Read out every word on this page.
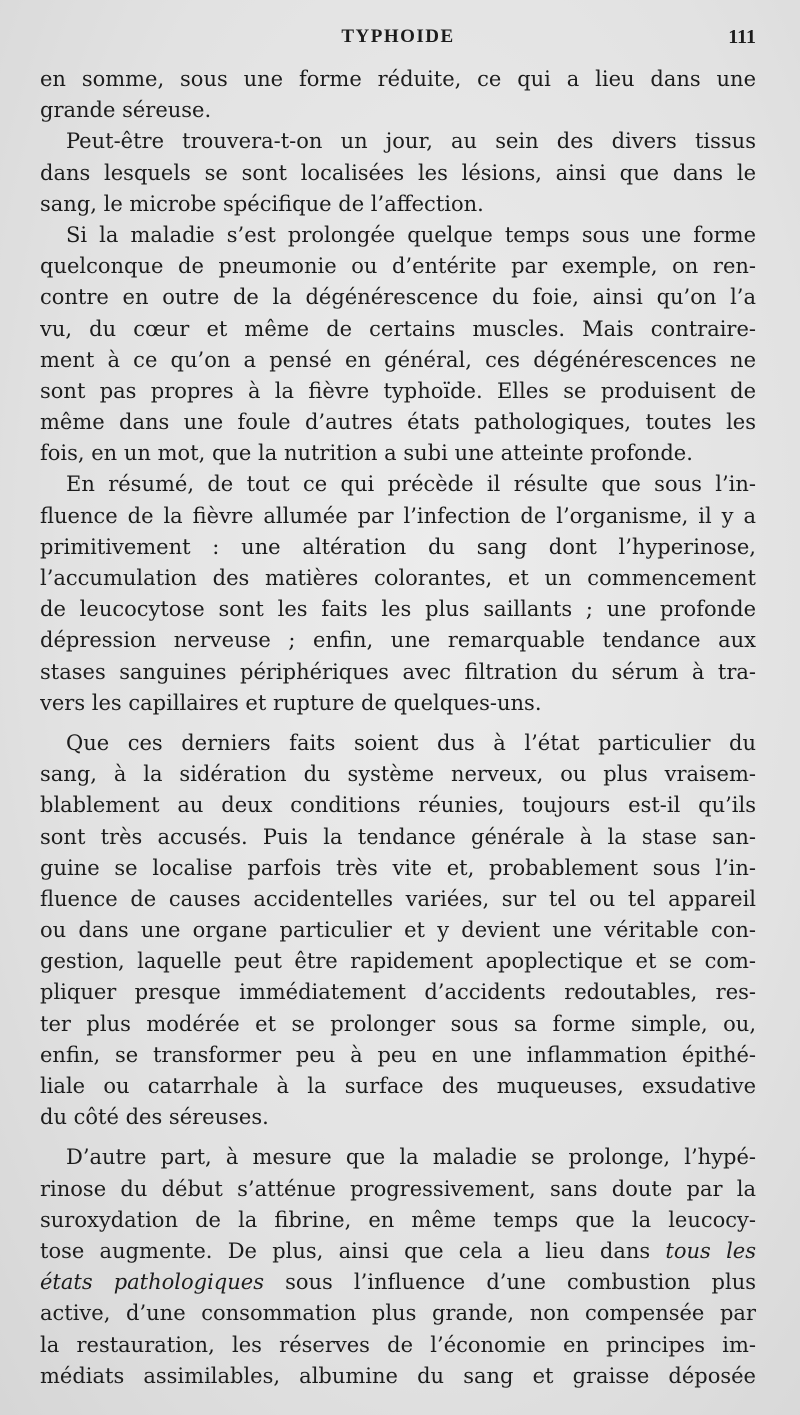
TYPHOIDE	111
en somme, sous une forme réduite, ce qui a lieu dans une
grande séreuse.
Peut-être trouvera-t-on un jour, au sein des divers tissus
dans lesquels se sont localisées les lésions, ainsi que dans le
sang, le microbe spécifique de l’affection.
Si la maladie s’est prolongée quelque temps sous une forme
quelconque de pneumonie ou d’entérite par exemple, on ren-
contre en outre de la dégénérescence du foie, ainsi qu’on l’a
vu, du cœur et même de certains muscles. Mais contraire-
ment à ce qu’on a pensé en général, ces dégénérescences ne
sont pas propres à la fièvre typhoïde. Elles se produisent de
même dans une foule d’autres états pathologiques, toutes les
fois, en un mot, que la nutrition a subi une atteinte profonde.
En résumé, de tout ce qui précède il résulte que sous l’in-
fluence de la fièvre allumée par l’infection de l’organisme, il y a
primitivement : une altération du sang dont l’hyperinose,
l’accumulation des matières colorantes, et un commencement
de leucocytose sont les faits les plus saillants ; une profonde
dépression nerveuse ; enfin, une remarquable tendance aux
stases sanguines périphériques avec filtration du sérum à tra-
vers les capillaires et rupture de quelques-uns.
Que ces derniers faits soient dus à l’état particulier du
sang, à la sidération du système nerveux, ou plus vraisem-
blablement au deux conditions réunies, toujours est-il qu’ils
sont très accusés. Puis la tendance générale à la stase san-
guine se localise parfois très vite et, probablement sous l’in-
fluence de causes accidentelles variées, sur tel ou tel appareil
ou dans une organe particulier et y devient une véritable con-
gestion, laquelle peut être rapidement apoplectique et se com-
pliquer presque immédiatement d’accidents redoutables, res-
ter plus modérée et se prolonger sous sa forme simple, ou,
enfin, se transformer peu à peu en une inflammation épithé-
liale ou catarrhale à la surface des muqueuses, exsudative
du côté des séreuses.
D’autre part, à mesure que la maladie se prolonge, l’hypé-
rinose du début s’atténue progressivement, sans doute par la
suroxydation de la fibrine, en même temps que la leucocy-
tose augmente. De plus, ainsi que cela a lieu dans tous les
états pathologiques sous l’influence d’une combustion plus
active, d’une consommation plus grande, non compensée par
la restauration, les réserves de l’économie en principes im-
médiats assimilables, albumine du sang et graisse déposée
